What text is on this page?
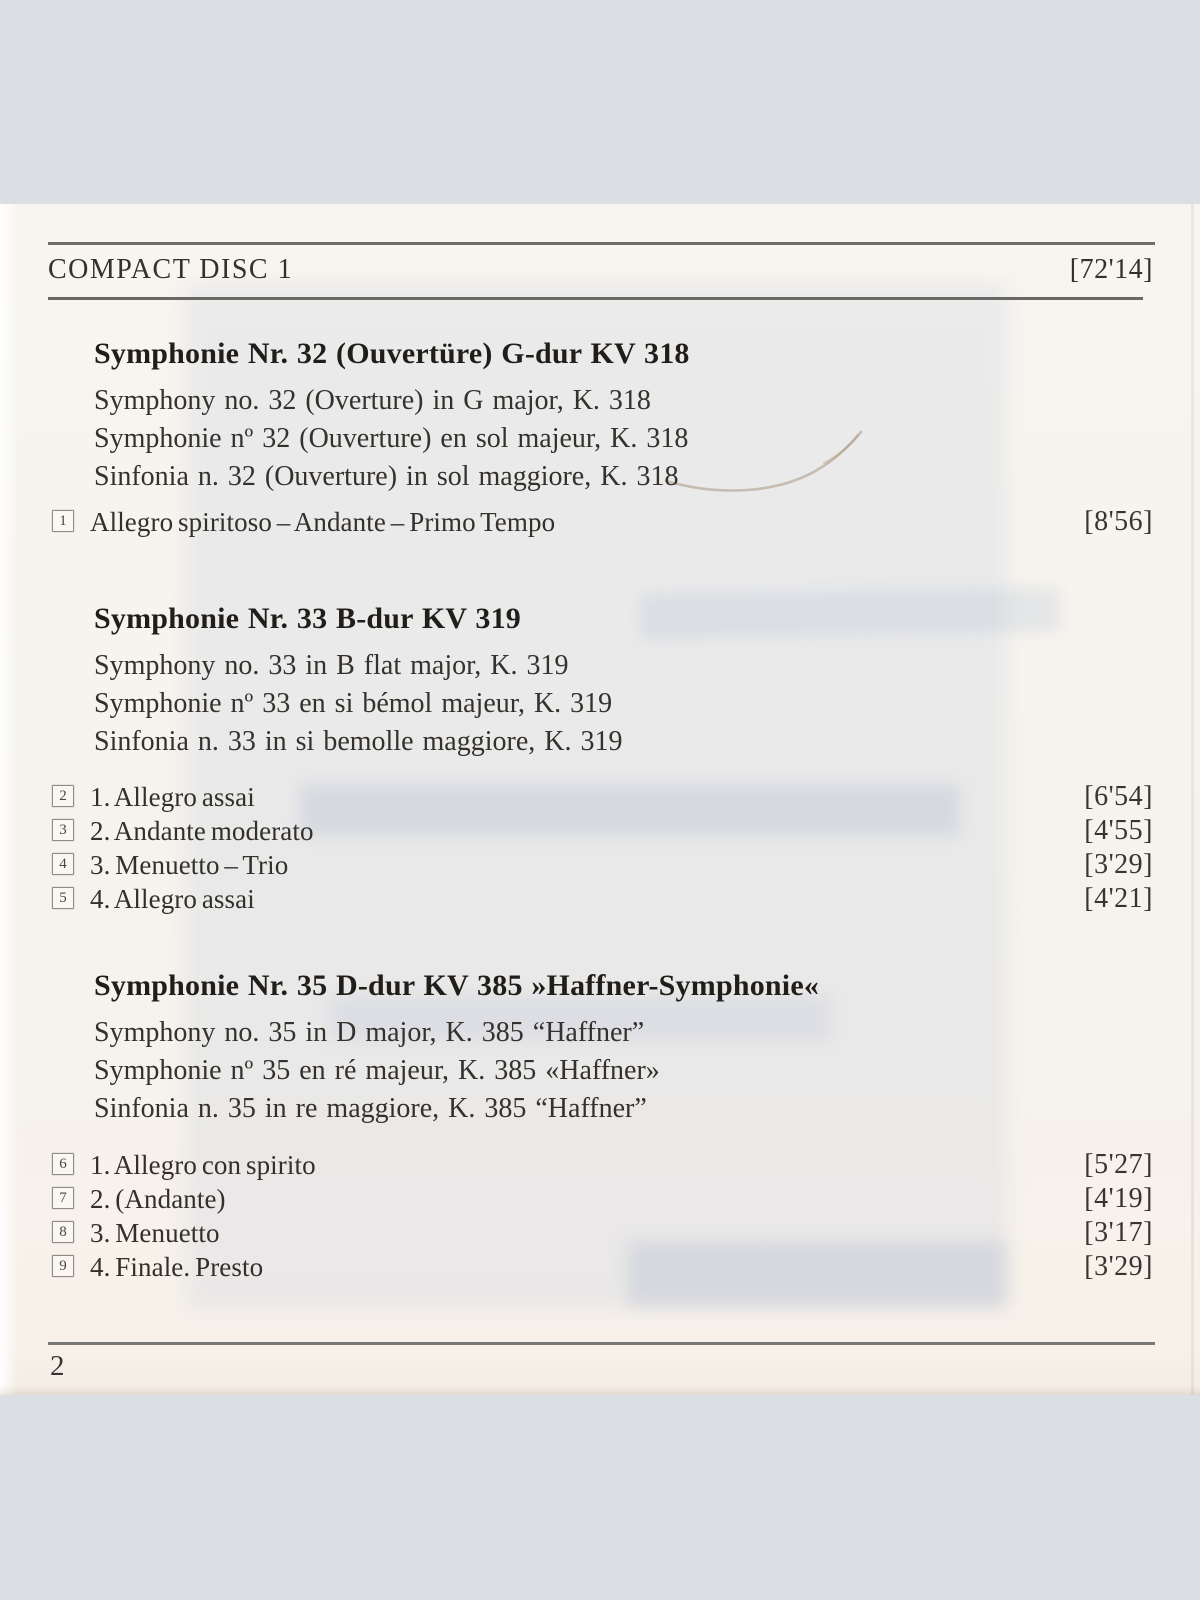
COMPACT DISC 1	[72'14]
2
Symphonie Nr. 32 (Ouvertüre) G-dur KV 318
Symphony no. 32 (Overture) in G major, K. 318
Symphonie nº 32 (Ouverture) en sol majeur, K. 318
Sinfonia n. 32 (Ouverture) in sol maggiore, K. 318
1 Allegro spiritoso – Andante – Primo Tempo	[8'56]
Symphonie Nr. 33 B-dur KV 319
Symphony no. 33 in B flat major, K. 319
Symphonie nº 33 en si bémol majeur, K. 319
Sinfonia n. 33 in si bemolle maggiore, K. 319
2 1. Allegro assai	[6'54]
3 2. Andante moderato	[4'55]
4 3. Menuetto – Trio	[3'29]
5 4. Allegro assai	[4'21]
Symphonie Nr. 35 D-dur KV 385 »Haffner-Symphonie«
Symphony no. 35 in D major, K. 385 “Haffner”
Symphonie nº 35 en ré majeur, K. 385 «Haffner»
Sinfonia n. 35 in re maggiore, K. 385 “Haffner”
6 1. Allegro con spirito	[5'27]
7 2. (Andante)	[4'19]
8 3. Menuetto	[3'17]
9 4. Finale. Presto	[3'29]
